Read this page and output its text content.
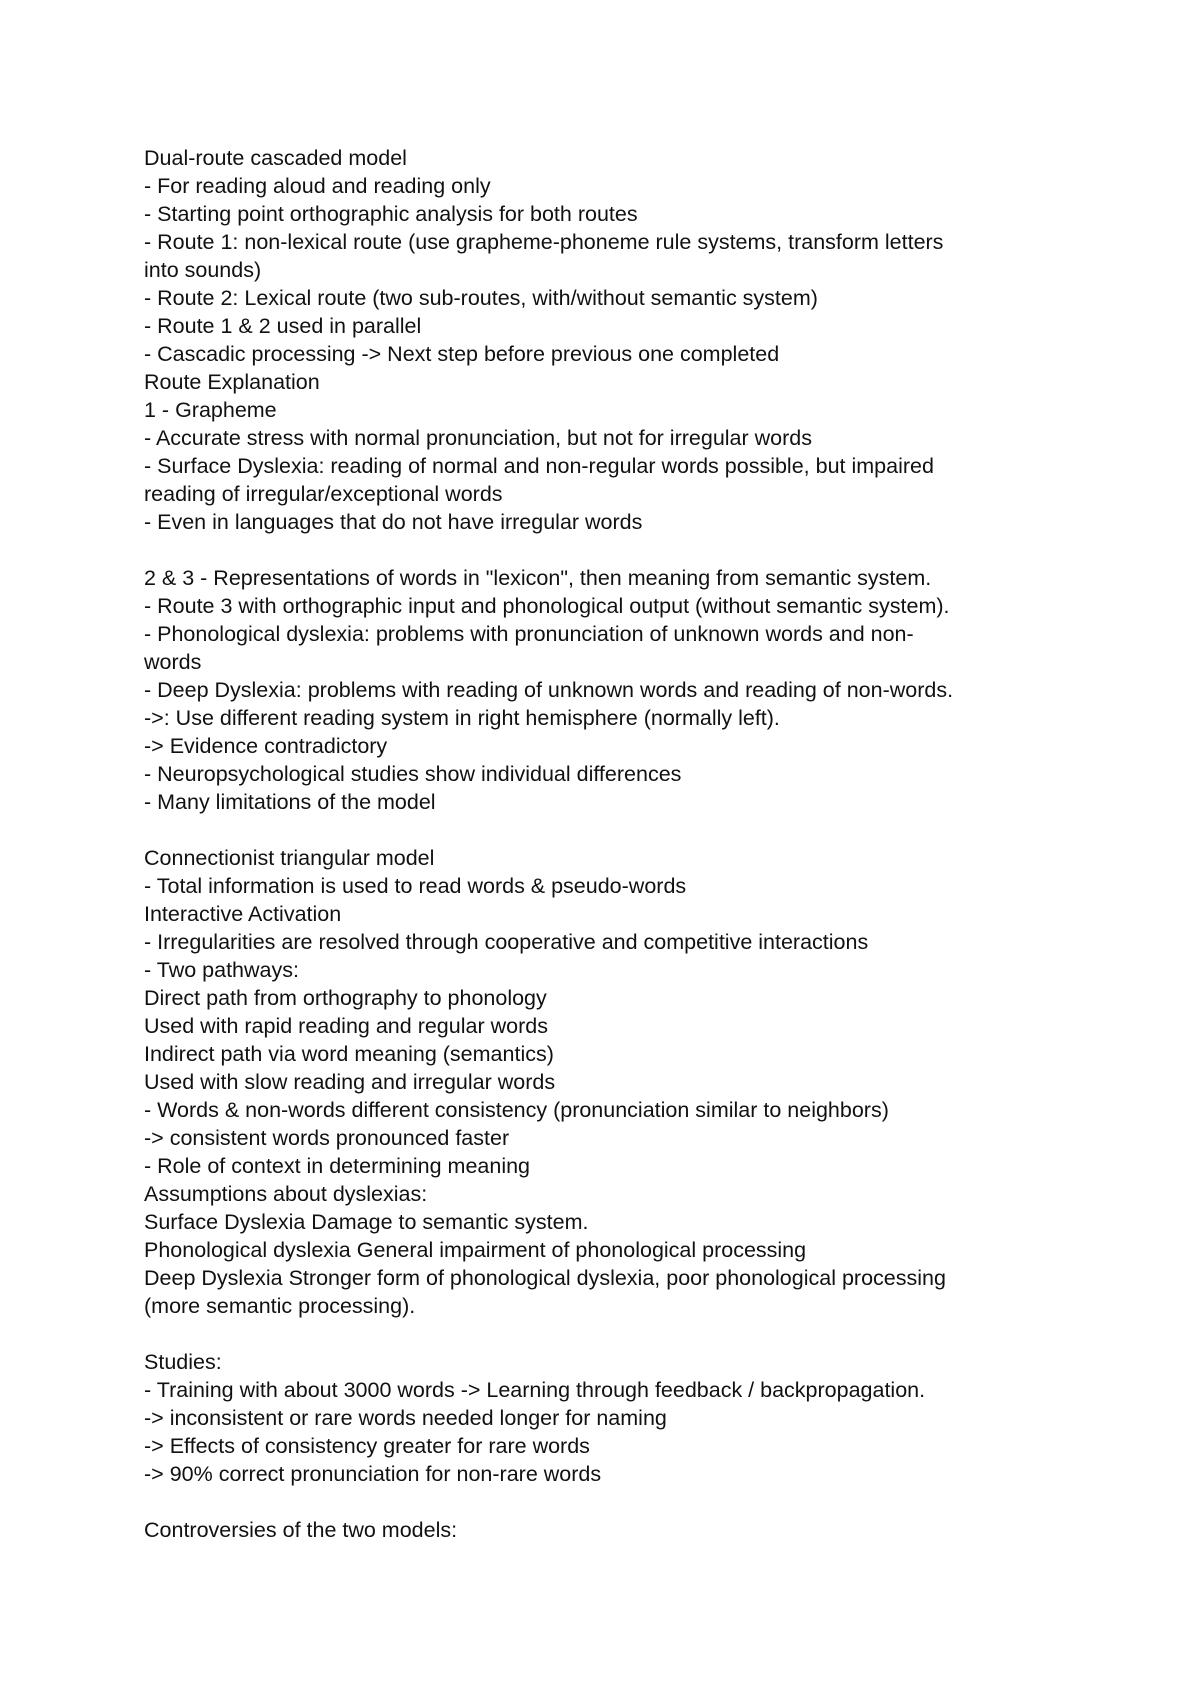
Dual-route cascaded model
- For reading aloud and reading only
- Starting point orthographic analysis for both routes
- Route 1: non-lexical route (use grapheme-phoneme rule systems, transform letters
into sounds)
- Route 2: Lexical route (two sub-routes, with/without semantic system)
- Route 1 & 2 used in parallel
- Cascadic processing -> Next step before previous one completed
Route Explanation
1 - Grapheme
- Accurate stress with normal pronunciation, but not for irregular words
- Surface Dyslexia: reading of normal and non-regular words possible, but impaired
reading of irregular/exceptional words
- Even in languages that do not have irregular words
2 & 3 - Representations of words in "lexicon", then meaning from semantic system.
- Route 3 with orthographic input and phonological output (without semantic system).
- Phonological dyslexia: problems with pronunciation of unknown words and non-
words
- Deep Dyslexia: problems with reading of unknown words and reading of non-words.
->: Use different reading system in right hemisphere (normally left).
-> Evidence contradictory
- Neuropsychological studies show individual differences
- Many limitations of the model
Connectionist triangular model
- Total information is used to read words & pseudo-words
Interactive Activation
- Irregularities are resolved through cooperative and competitive interactions
- Two pathways:
Direct path from orthography to phonology
Used with rapid reading and regular words
Indirect path via word meaning (semantics)
Used with slow reading and irregular words
- Words & non-words different consistency (pronunciation similar to neighbors)
-> consistent words pronounced faster
- Role of context in determining meaning
Assumptions about dyslexias:
Surface Dyslexia Damage to semantic system.
Phonological dyslexia General impairment of phonological processing
Deep Dyslexia Stronger form of phonological dyslexia, poor phonological processing
(more semantic processing).
Studies:
- Training with about 3000 words -> Learning through feedback / backpropagation.
-> inconsistent or rare words needed longer for naming
-> Effects of consistency greater for rare words
-> 90% correct pronunciation for non-rare words
Controversies of the two models:
